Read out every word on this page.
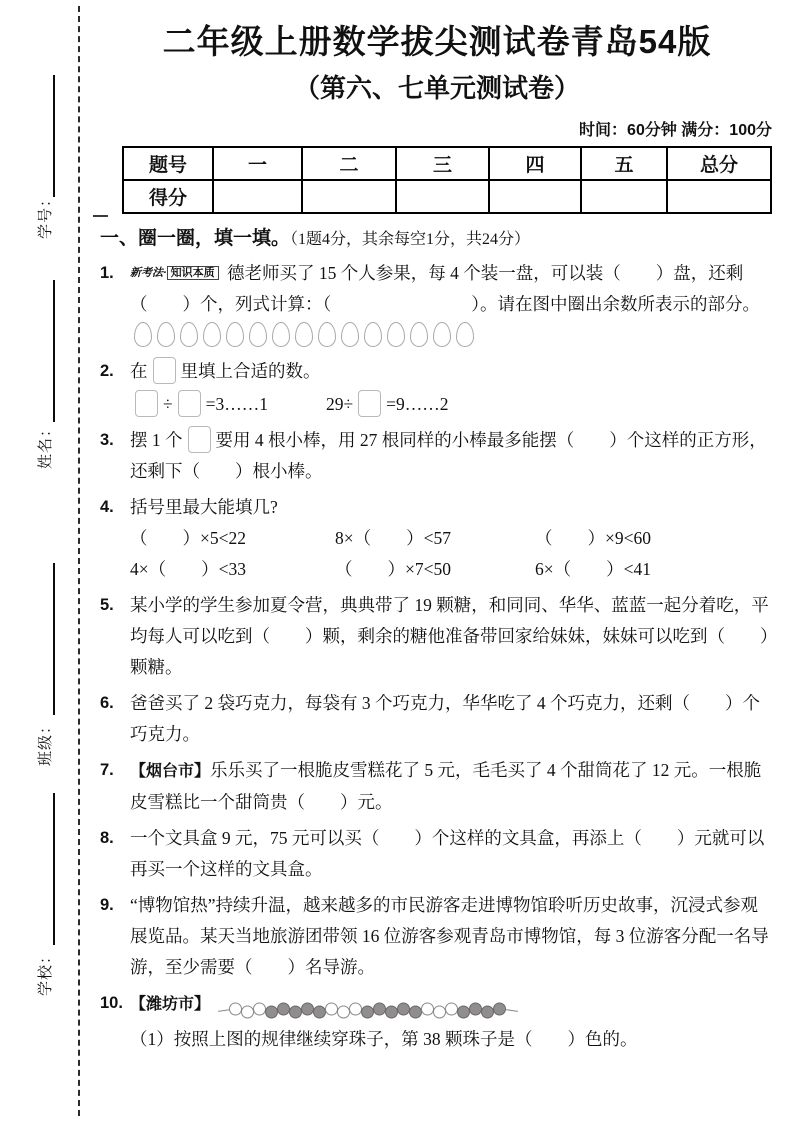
学号：
姓名：
班级：
学校：
二年级上册数学拔尖测试卷青岛54版
（第六、七单元测试卷）
时间：60分钟 满分：100分
题号	一	二	三	四	五	总分
得分						
一、圈一圈，填一填。（1题4分，其余每空1分，共24分）
1.	新考法· 知识本质 德老师买了 15 个人参果，每 4 个装一盘，可以装（　　）盘，还剩（　　）个，列式计算：（　　　　　　　　）。请在图中圈出余数所表示的部分。
2. 在 里填上合适的数。
÷ =3……1	29÷ =9……2
3. 摆 1 个 要用 4 根小棒，用 27 根同样的小棒最多能摆（　　）个这样的正方形，还剩下（　　）根小棒。
4. 括号里最大能填几?
（　　）×5<22	8×（　　）<57	（　　）×9<60
4×（　　）<33	（　　）×7<50	6×（　　）<41
5. 某小学的学生参加夏令营，典典带了 19 颗糖，和同同、华华、蓝蓝一起分着吃，平均每人可以吃到（　　）颗，剩余的糖他准备带回家给妹妹，妹妹可以吃到（　　）颗糖。
6. 爸爸买了 2 袋巧克力，每袋有 3 个巧克力，华华吃了 4 个巧克力，还剩（　　）个巧克力。
7.	【烟台市】乐乐买了一根脆皮雪糕花了 5 元，毛毛买了 4 个甜筒花了 12 元。一根脆皮雪糕比一个甜筒贵（　　）元。
8. 一个文具盒 9 元，75 元可以买（　　）个这样的文具盒，再添上（　　）元就可以再买一个这样的文具盒。
9. “博物馆热”持续升温，越来越多的市民游客走进博物馆聆听历史故事，沉浸式参观展览品。某天当地旅游团带领 16 位游客参观青岛市博物馆，每 3 位游客分配一名导游，至少需要（　　）名导游。
10. 【潍坊市】
（1）按照上图的规律继续穿珠子，第 38 颗珠子是（　　）色的。
